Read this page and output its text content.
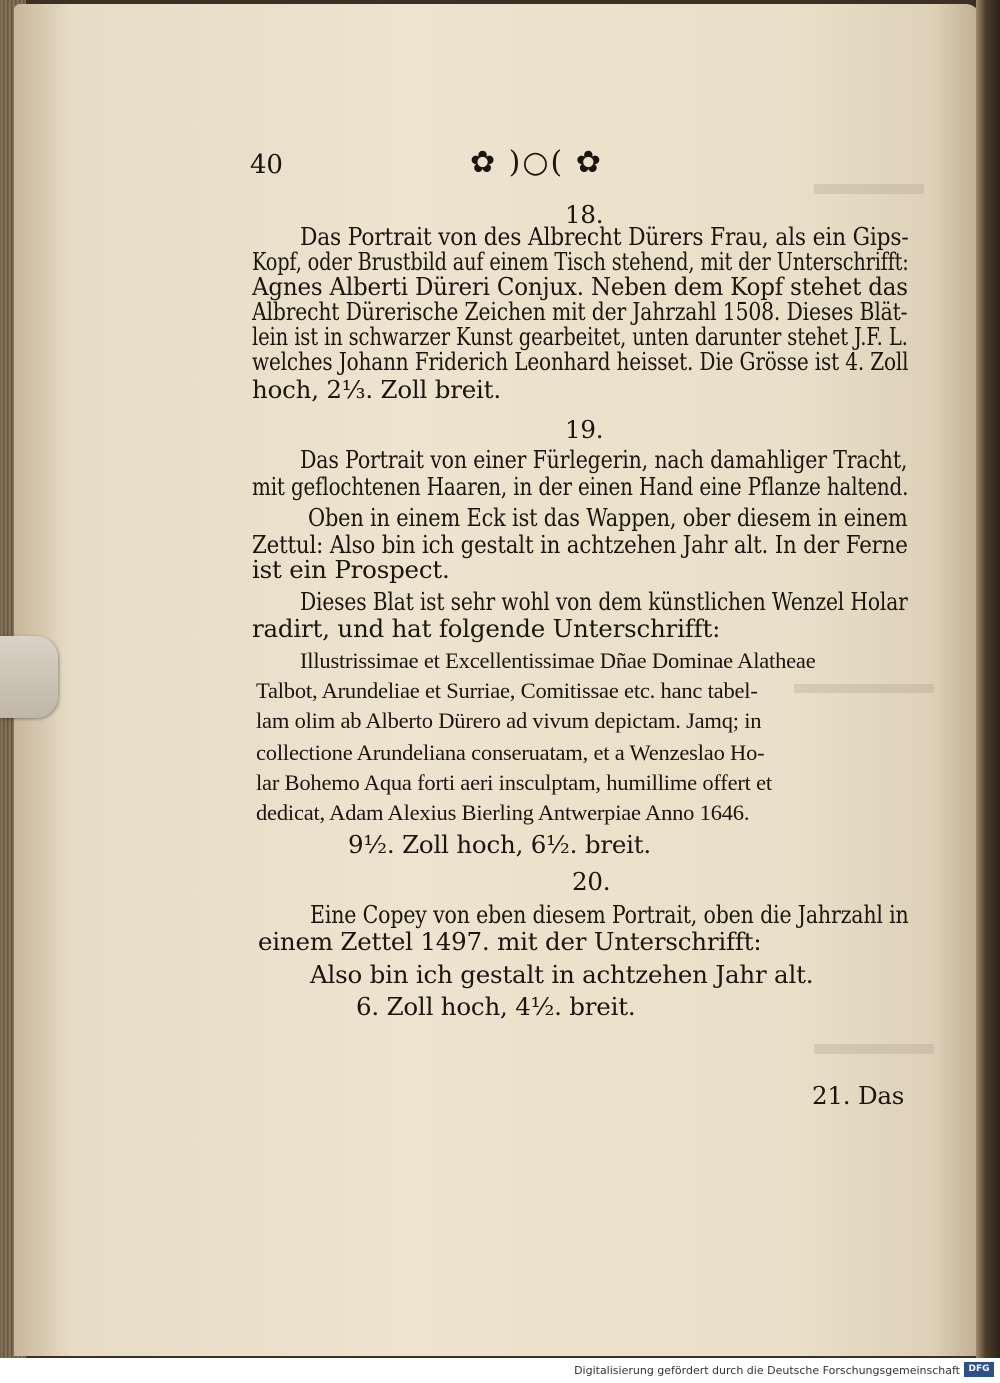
40	✿ )○( ✿
18.
Das Portrait von des Albrecht Dürers Frau, als ein Gips-
Kopf, oder Brustbild auf einem Tisch stehend, mit der Unterschrifft:
Agnes Alberti Düreri Conjux. Neben dem Kopf stehet das
Albrecht Dürerische Zeichen mit der Jahrzahl 1508. Dieses Blät-
lein ist in schwarzer Kunst gearbeitet, unten darunter stehet J.F. L.
welches Johann Friderich Leonhard heisset. Die Grösse ist 4. Zoll
hoch, 2⅓. Zoll breit.
19.
Das Portrait von einer Fürlegerin, nach damahliger Tracht,
mit geflochtenen Haaren, in der einen Hand eine Pflanze haltend.
Oben in einem Eck ist das Wappen, ober diesem in einem
Zettul: Also bin ich gestalt in achtzehen Jahr alt. In der Ferne
ist ein Prospect.
Dieses Blat ist sehr wohl von dem künstlichen Wenzel Holar
radirt, und hat folgende Unterschrifft:
Illustrissimae et Excellentissimae Dñae Dominae Alatheae
Talbot, Arundeliae et Surriae, Comitissae etc. hanc tabel-
lam olim ab Alberto Dürero ad vivum depictam. Jamq; in
collectione Arundeliana conseruatam, et a Wenzeslao Ho-
lar Bohemo Aqua forti aeri insculptam, humillime offert et
dedicat, Adam Alexius Bierling Antwerpiae Anno 1646.
9½. Zoll hoch, 6½. breit.
20.
Eine Copey von eben diesem Portrait, oben die Jahrzahl in
einem Zettel 1497. mit der Unterschrifft:
Also bin ich gestalt in achtzehen Jahr alt.
6. Zoll hoch, 4½. breit.
21. Das
Digitalisierung gefördert durch die Deutsche Forschungsgemeinschaft DFG
